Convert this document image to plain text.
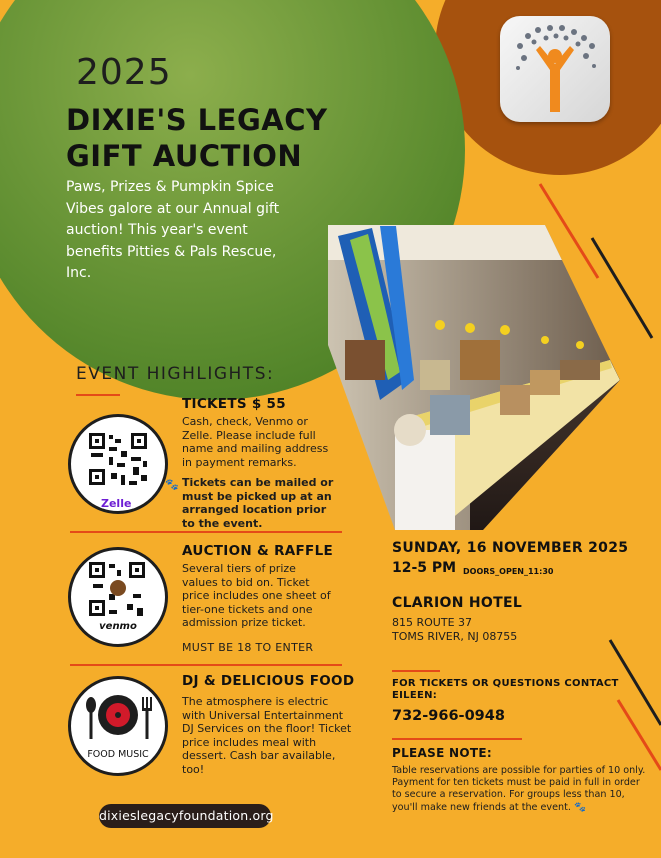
2025
DIXIE'S LEGACY
GIFT AUCTION
Paws, Prizes & Pumpkin Spice Vibes galore at our Annual gift auction! This year's event benefits Pitties & Pals Rescue, Inc.
EVENT HIGHLIGHTS:
Zelle
TICKETS $ 55
Cash, check, Venmo or Zelle. Please include full name and mailing address in payment remarks.
🐾 Tickets can be mailed or must be picked up at an arranged location prior to the event.
venmo
AUCTION & RAFFLE
Several tiers of prize values to bid on. Ticket price includes one sheet of tier-one tickets and one admission prize ticket.
MUST BE 18 TO ENTER
FOOD MUSIC
DJ & DELICIOUS FOOD
The atmosphere is electric with Universal Entertainment DJ Services on the floor! Ticket price includes meal with dessert. Cash bar available, too!
SUNDAY, 16 NOVEMBER 2025
12-5 PM DOORS_OPEN_11:30
CLARION HOTEL
815 ROUTE 37
TOMS RIVER, NJ 08755
FOR TICKETS OR QUESTIONS CONTACT EILEEN:
732-966-0948
PLEASE NOTE:
Table reservations are possible for parties of 10 only. Payment for ten tickets must be paid in full in order to secure a reservation. For groups less than 10, you'll make new friends at the event. 🐾
dixieslegacyfoundation.org
